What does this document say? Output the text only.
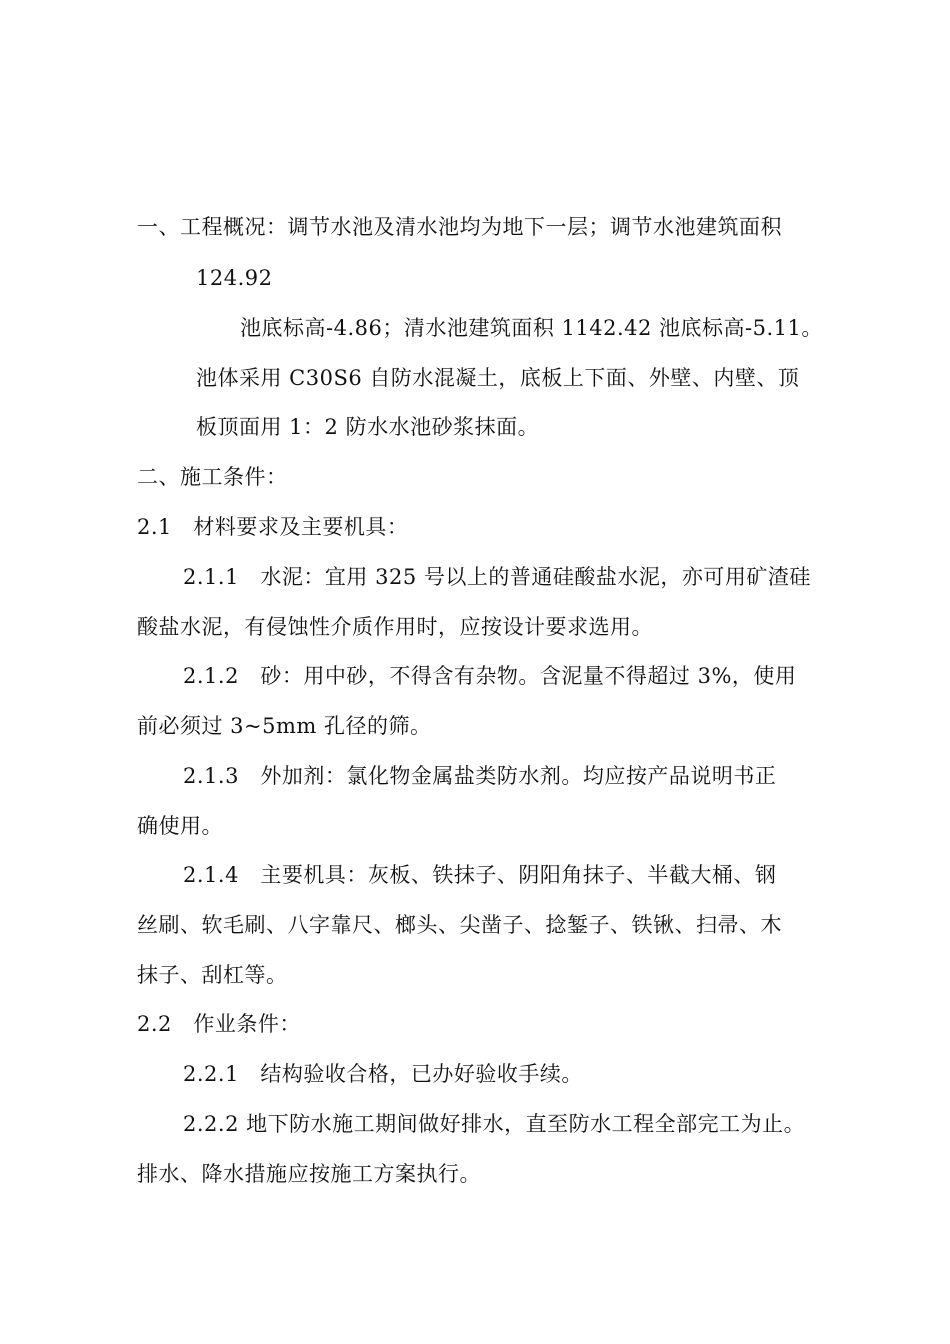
一、工程概况：调节水池及清水池均为地下一层；调节水池建筑面积
124.92
池底标高-4.86；清水池建筑面积 1142.42 池底标高-5.11。
池体采用 C30S6 自防水混凝土，底板上下面、外壁、内壁、顶
板顶面用 1：2 防水水池砂浆抹面。
二、施工条件：
2.1　材料要求及主要机具：
2.1.1　水泥：宜用 325 号以上的普通硅酸盐水泥，亦可用矿渣硅
酸盐水泥，有侵蚀性介质作用时，应按设计要求选用。
2.1.2　砂：用中砂，不得含有杂物。含泥量不得超过 3%，使用
前必须过 3~5mm 孔径的筛。
2.1.3　外加剂：氯化物金属盐类防水剂。均应按产品说明书正
确使用。
2.1.4　主要机具：灰板、铁抹子、阴阳角抹子、半截大桶、钢
丝刷、软毛刷、八字靠尺、榔头、尖凿子、捻錾子、铁锹、扫帚、木
抹子、刮杠等。
2.2　作业条件：
2.2.1　结构验收合格，已办好验收手续。
2.2.2 地下防水施工期间做好排水，直至防水工程全部完工为止。
排水、降水措施应按施工方案执行。
